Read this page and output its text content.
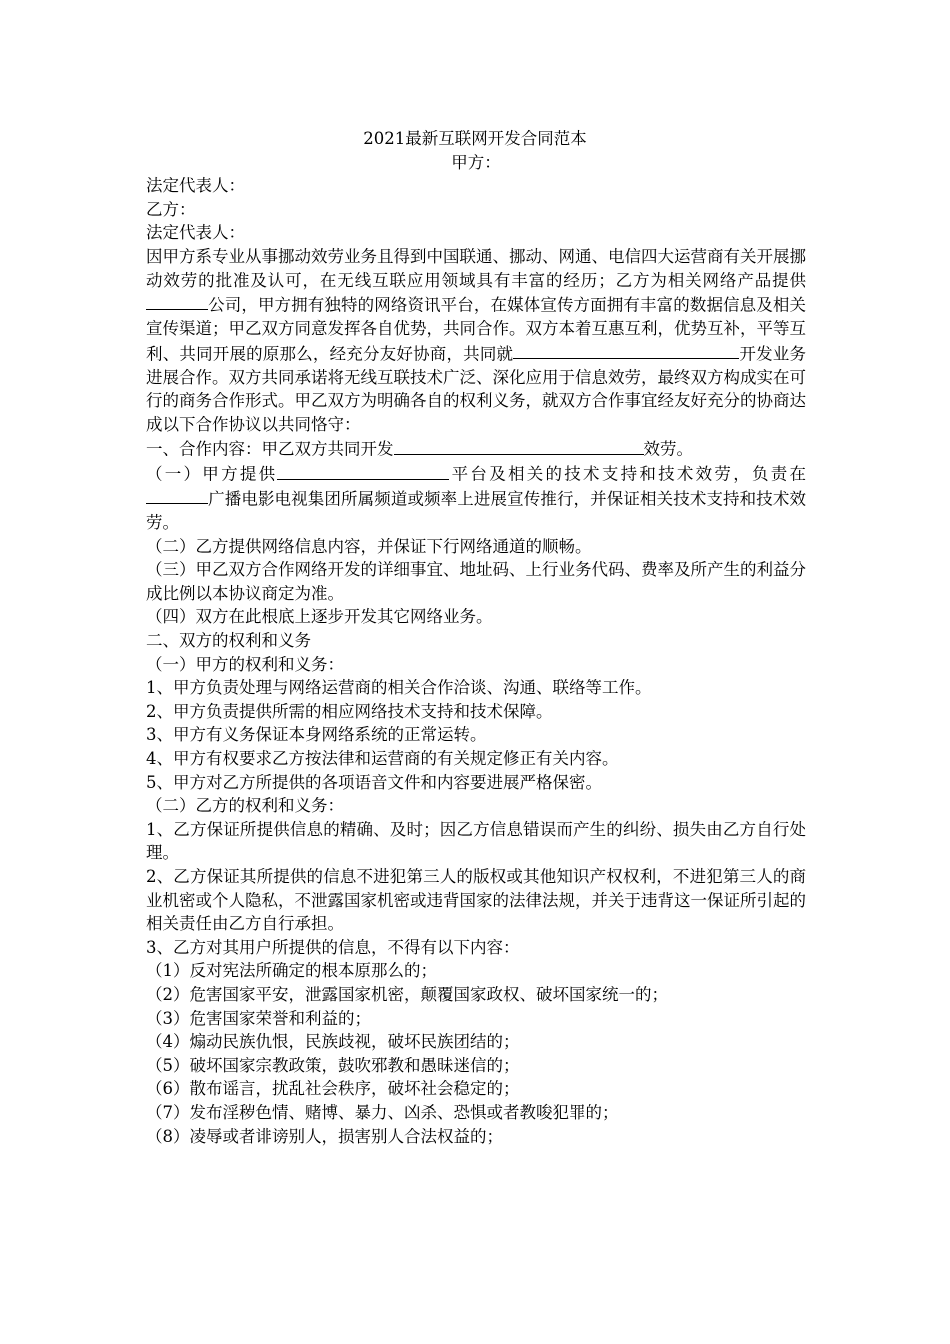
2021最新互联网开发合同范本

甲方：

法定代表人：

乙方：

法定代表人：

因甲方系专业从事挪动效劳业务且得到中国联通、挪动、网通、电信四大运营商有关开展挪动效劳的批准及认可，在无线互联应用领域具有丰富的经历；乙方为相关网络产品提供公司，甲方拥有独特的网络资讯平台，在媒体宣传方面拥有丰富的数据信息及相关宣传渠道；甲乙双方同意发挥各自优势，共同合作。双方本着互惠互利，优势互补，平等互利、共同开展的原那么，经充分友好协商，共同就	开发业务进展合作。双方共同承诺将无线互联技术广泛、深化应用于信息效劳，最终双方构成实在可行的商务合作形式。甲乙双方为明确各自的权利义务，就双方合作事宜经友好充分的协商达成以下合作协议以共同恪守：

一、合作内容：甲乙双方共同开发	效劳。

（一）甲方提供	平台及相关的技术支持和技术效劳，负责在广播电影电视集团所属频道或频率上进展宣传推行，并保证相关技术支持和技术效劳。

（二）乙方提供网络信息内容，并保证下行网络通道的顺畅。

（三）甲乙双方合作网络开发的详细事宜、地址码、上行业务代码、费率及所产生的利益分成比例以本协议商定为准。

（四）双方在此根底上逐步开发其它网络业务。

二、双方的权利和义务

（一）甲方的权利和义务：

1、甲方负责处理与网络运营商的相关合作洽谈、沟通、联络等工作。

2、甲方负责提供所需的相应网络技术支持和技术保障。

3、甲方有义务保证本身网络系统的正常运转。

4、甲方有权要求乙方按法律和运营商的有关规定修正有关内容。

5、甲方对乙方所提供的各项语音文件和内容要进展严格保密。

（二）乙方的权利和义务：

1、乙方保证所提供信息的精确、及时；因乙方信息错误而产生的纠纷、损失由乙方自行处理。

2、乙方保证其所提供的信息不进犯第三人的版权或其他知识产权权利，不进犯第三人的商业机密或个人隐私，不泄露国家机密或违背国家的法律法规，并关于违背这一保证所引起的相关责任由乙方自行承担。

3、乙方对其用户所提供的信息，不得有以下内容：

（1）反对宪法所确定的根本原那么的；

（2）危害国家平安，泄露国家机密，颠覆国家政权、破坏国家统一的；

（3）危害国家荣誉和利益的；

（4）煽动民族仇恨，民族歧视，破坏民族团结的；

（5）破坏国家宗教政策，鼓吹邪教和愚昧迷信的；

（6）散布谣言，扰乱社会秩序，破坏社会稳定的；

（7）发布淫秽色情、赌博、暴力、凶杀、恐惧或者教唆犯罪的；

（8）凌辱或者诽谤别人，损害别人合法权益的；
